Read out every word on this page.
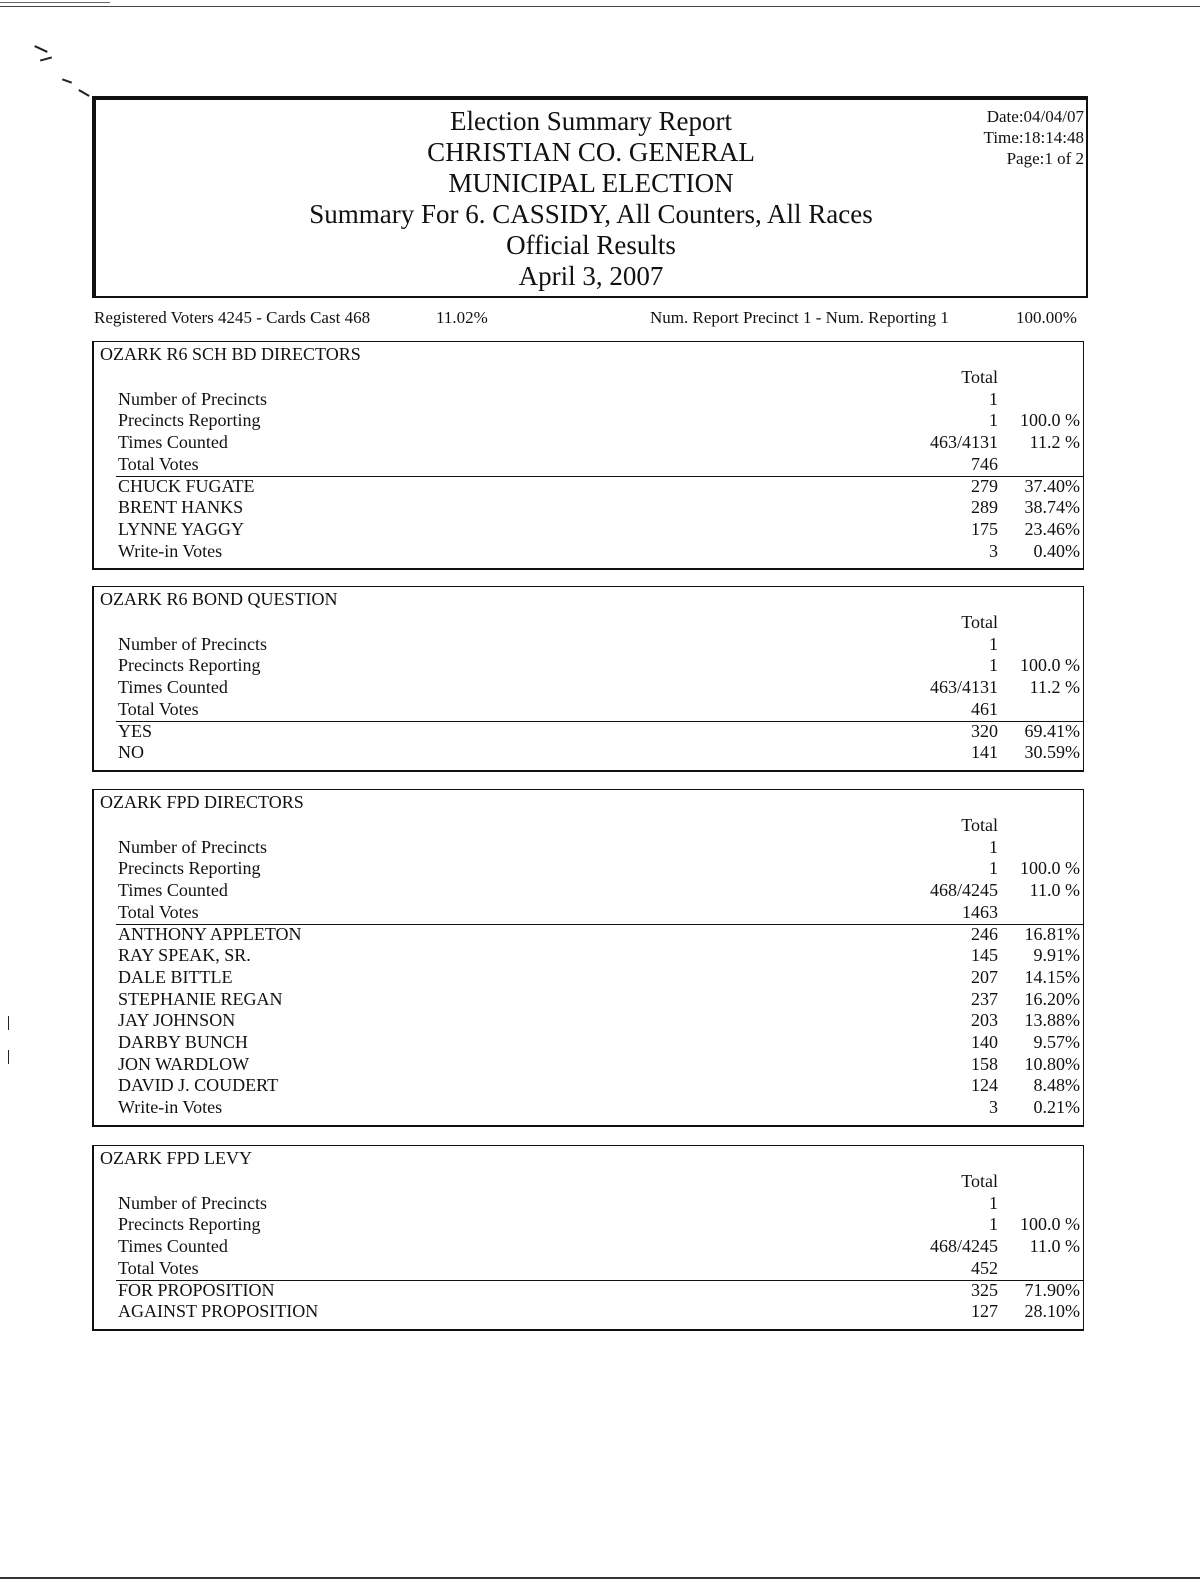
Election Summary Report
CHRISTIAN CO. GENERAL
MUNICIPAL ELECTION
Summary For 6. CASSIDY, All Counters, All Races
Official Results
April 3, 2007
Date:04/04/07
Time:18:14:48
Page:1 of 2
Registered Voters 4245 - Cards Cast 468	11.02%	Num. Report Precinct 1 - Num. Reporting 1	100.00%
OZARK R6 SCH BD DIRECTORS
Total
Number of Precincts	1
Precincts Reporting	1 100.0 %
Times Counted	463/4131 11.2 %
Total Votes	746
CHUCK FUGATE	279 37.40%
BRENT HANKS	289 38.74%
LYNNE YAGGY	175 23.46%
Write-in Votes	3 0.40%
OZARK R6 BOND QUESTION
Total
Number of Precincts	1
Precincts Reporting	1 100.0 %
Times Counted	463/4131 11.2 %
Total Votes	461
YES	320 69.41%
NO	141 30.59%
OZARK FPD DIRECTORS
Total
Number of Precincts	1
Precincts Reporting	1 100.0 %
Times Counted	468/4245 11.0 %
Total Votes	1463
ANTHONY APPLETON	246 16.81%
RAY SPEAK, SR.	145 9.91%
DALE BITTLE	207 14.15%
STEPHANIE REGAN	237 16.20%
JAY JOHNSON	203 13.88%
DARBY BUNCH	140 9.57%
JON WARDLOW	158 10.80%
DAVID J. COUDERT	124 8.48%
Write-in Votes	3 0.21%
OZARK FPD LEVY
Total
Number of Precincts	1
Precincts Reporting	1 100.0 %
Times Counted	468/4245 11.0 %
Total Votes	452
FOR PROPOSITION	325 71.90%
AGAINST PROPOSITION	127 28.10%
